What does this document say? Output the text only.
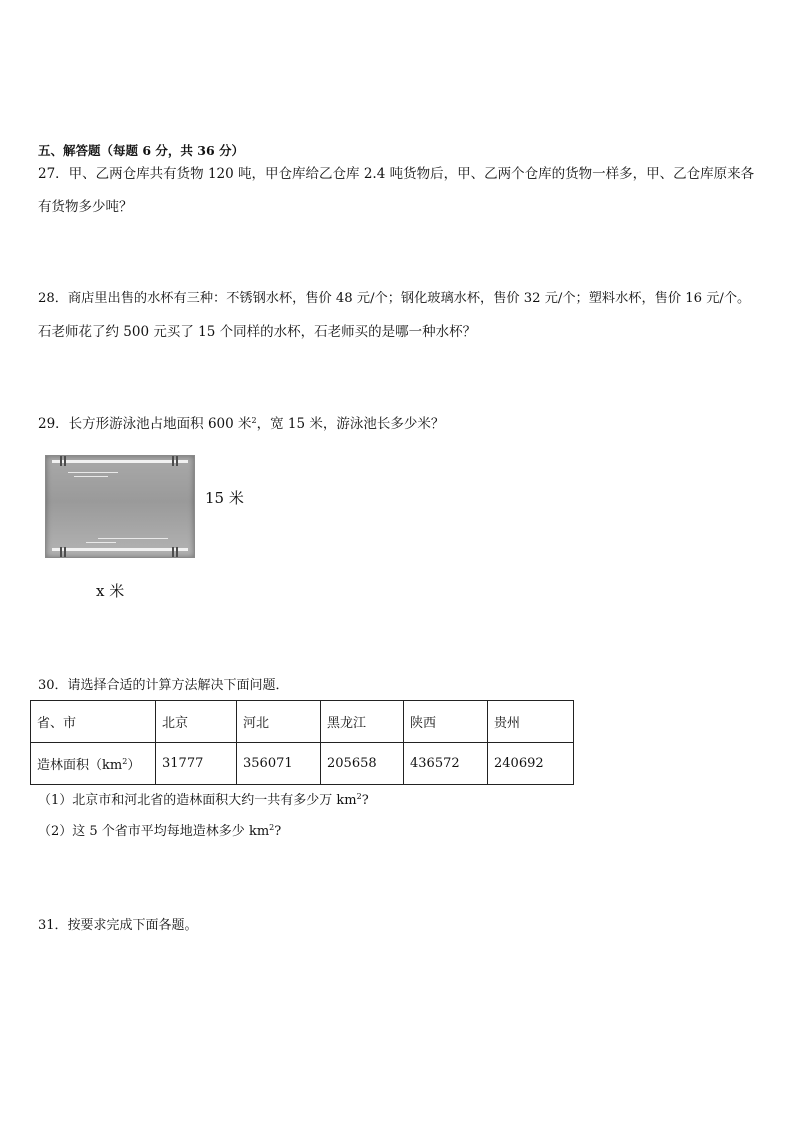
五、解答题（每题 6 分，共 36 分）
27．甲、乙两仓库共有货物 120 吨，甲仓库给乙仓库 2.4 吨货物后，甲、乙两个仓库的货物一样多，甲、乙仓库原来各
有货物多少吨？
28．商店里出售的水杯有三种：不锈钢水杯，售价 48 元/个；钢化玻璃水杯，售价 32 元/个；塑料水杯，售价 16 元/个。
石老师花了约 500 元买了 15 个同样的水杯，石老师买的是哪一种水杯？
29．长方形游泳池占地面积 600 米$^2$，宽 15 米，游泳池长多少米？
15 米
x 米
30．请选择合适的计算方法解决下面问题．
省、市	北京	河北	黑龙江	陕西	贵州
造林面积$(km^2)$	31777	356071	205658	436572	240692
（1）北京市和河北省的造林面积大约一共有多少万 $km^2$?
（2）这 5 个省市平均每地造林多少 $km^2$?
31．按要求完成下面各题。
